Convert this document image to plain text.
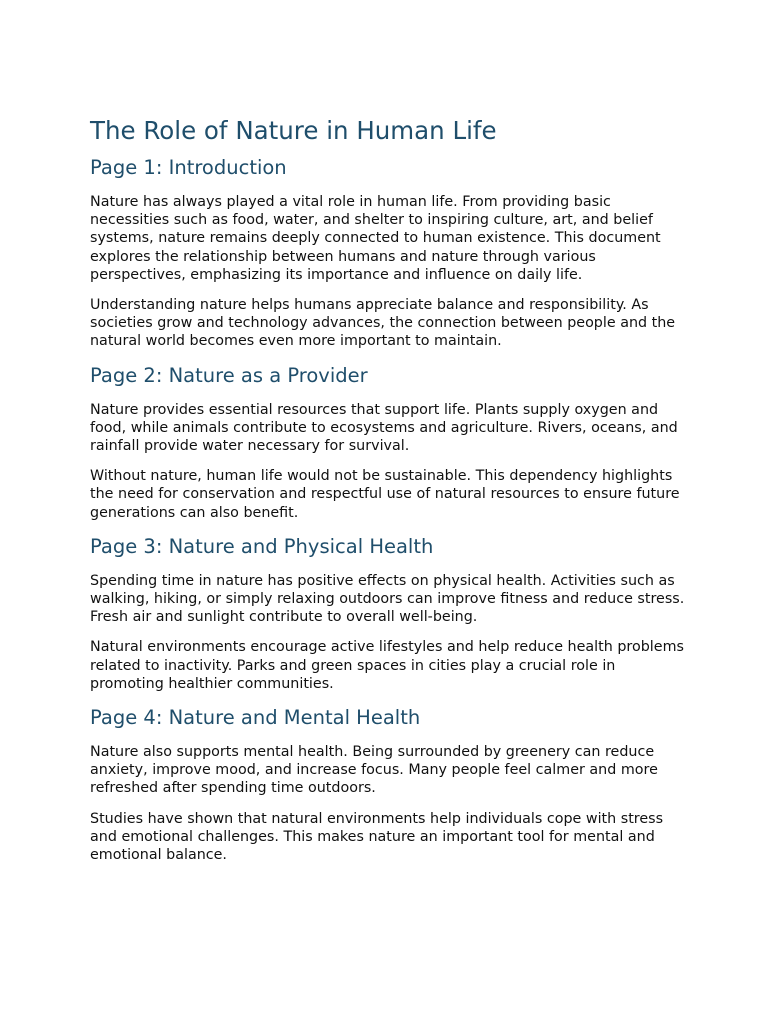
The Role of Nature in Human Life
Page 1: Introduction

Nature has always played a vital role in human life. From providing basic necessities such as food, water, and shelter to inspiring culture, art, and belief systems, nature remains deeply connected to human existence. This document explores the relationship between humans and nature through various perspectives, emphasizing its importance and influence on daily life.

Understanding nature helps humans appreciate balance and responsibility. As societies grow and technology advances, the connection between people and the natural world becomes even more important to maintain.

Page 2: Nature as a Provider

Nature provides essential resources that support life. Plants supply oxygen and food, while animals contribute to ecosystems and agriculture. Rivers, oceans, and rainfall provide water necessary for survival.

Without nature, human life would not be sustainable. This dependency highlights the need for conservation and respectful use of natural resources to ensure future generations can also benefit.

Page 3: Nature and Physical Health

Spending time in nature has positive effects on physical health. Activities such as walking, hiking, or simply relaxing outdoors can improve fitness and reduce stress. Fresh air and sunlight contribute to overall well-being.

Natural environments encourage active lifestyles and help reduce health problems related to inactivity. Parks and green spaces in cities play a crucial role in promoting healthier communities.

Page 4: Nature and Mental Health

Nature also supports mental health. Being surrounded by greenery can reduce anxiety, improve mood, and increase focus. Many people feel calmer and more refreshed after spending time outdoors.

Studies have shown that natural environments help individuals cope with stress and emotional challenges. This makes nature an important tool for mental and emotional balance.
